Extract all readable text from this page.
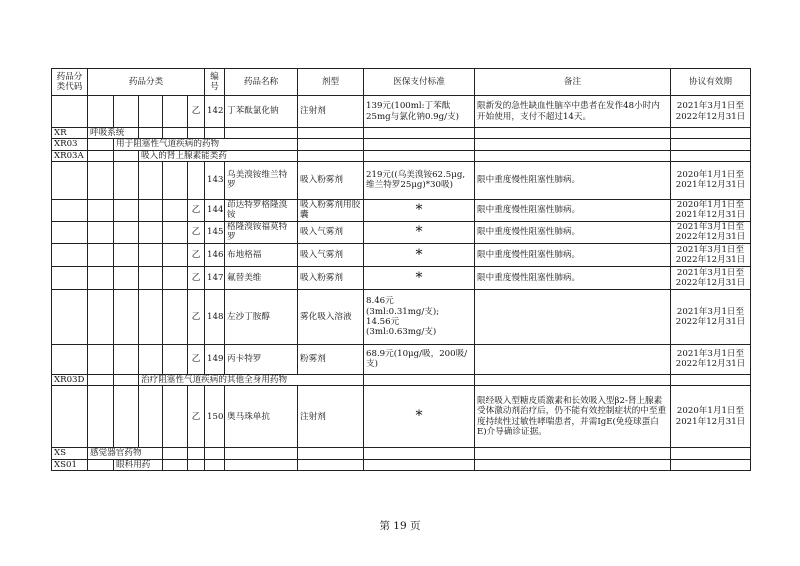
药品分类代码	药品分类					编号	药品名称	剂型	医保支付标准	备注	协议有效期
					乙	142	丁苯酞氯化钠	注射剂	139元(100ml:丁苯酞25mg与氯化钠0.9g/支)	限新发的急性缺血性脑卒中患者在发作48小时内开始使用，支付不超过14天。	2021年3月1日至2022年12月31日
XR	呼吸系统										
XR03		用于阻塞性气道疾病的药物									
XR03A			吸入的肾上腺素能类药								
						143	乌美溴铵维兰特罗	吸入粉雾剂	219元((乌美溴铵62.5μg,维兰特罗25μg)*30吸)	限中重度慢性阻塞性肺病。	2020年1月1日至2021年12月31日
					乙	144	茚达特罗格隆溴铵	吸入粉雾剂用胶囊	*	限中重度慢性阻塞性肺病。	2020年1月1日至2021年12月31日
					乙	145	格隆溴铵福莫特罗	吸入气雾剂	*	限中重度慢性阻塞性肺病。	2021年3月1日至2022年12月31日
					乙	146	布地格福	吸入气雾剂	*	限中重度慢性阻塞性肺病。	2021年3月1日至2022年12月31日
					乙	147	氟替美维	吸入粉雾剂	*	限中重度慢性阻塞性肺病。	2021年3月1日至2022年12月31日
					乙	148	左沙丁胺醇	雾化吸入溶液	8.46元
(3ml:0.31mg/支);
14.56元
(3ml:0.63mg/支)		2021年3月1日至2022年12月31日
					乙	149	丙卡特罗	粉雾剂	68.9元(10μg/吸，200吸/支)		2021年3月1日至2022年12月31日
XR03D			治疗阻塞性气道疾病的其他全身用药物								
					乙	150	奥马珠单抗	注射剂	*	限经吸入型糖皮质激素和长效吸入型β2-肾上腺素受体激动剂治疗后，仍不能有效控制症状的中至重度持续性过敏性哮喘患者，并需IgE(免疫球蛋白E)介导确诊证据。	2020年1月1日至2021年12月31日
XS	感觉器官药物										
XS01		眼科用药									
第 19 页
